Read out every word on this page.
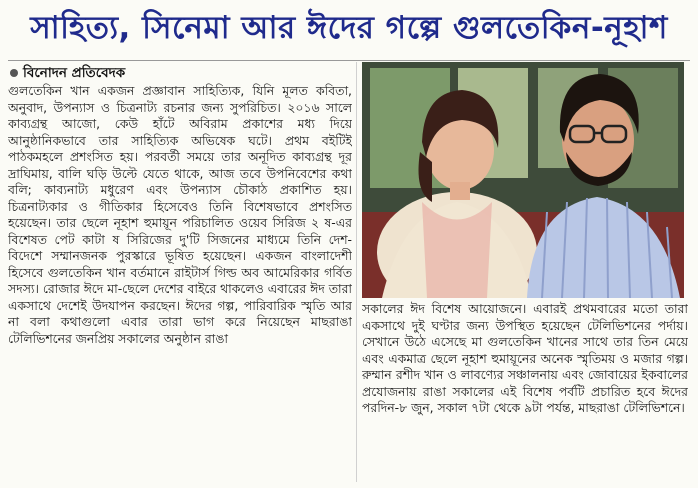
সাহিত্য, সিনেমা আর ঈদের গল্পে গুলতেকিন-নূহাশ
বিনোদন প্রতিবেদক

গুলতেকিন খান একজন প্রজ্ঞাবান সাহিত্যিক, যিনি মূলত কবিতা, অনুবাদ, উপন্যাস ও চিত্রনাট্য রচনার জন্য সুপরিচিত। ২০১৬ সালে কাব্যগ্রন্থ আজো, কেউ হাঁটে অবিরাম প্রকাশের মধ্য দিয়ে আনুষ্ঠানিকভাবে তার সাহিত্যিক অভিষেক ঘটে। প্রথম বইটিই পাঠকমহলে প্রশংসিত হয়। পরবর্তী সময়ে তার অনূদিত কাব্যগ্রন্থ দূর দ্রাঘিমায়, বালি ঘড়ি উল্টে যেতে থাকে, আজ তবে উপনিবেশের কথা বলি; কাব্যনাট্য মধুরেণ এবং উপন্যাস চৌকাঠ প্রকাশিত হয়। চিত্রনাট্যকার ও গীতিকার হিসেবেও তিনি বিশেষভাবে প্রশংসিত হয়েছেন। তার ছেলে নূহাশ হুমায়ূন পরিচালিত ওয়েব সিরিজ ২ ষ-এর বিশেষত পেট কাটা ষ সিরিজের দু'টি সিজনের মাধ্যমে তিনি দেশ-বিদেশে সম্মানজনক পুরস্কারে ভূষিত হয়েছেন। একজন বাংলাদেশী হিসেবে গুলতেকিন খান বর্তমানে রাইটার্স গিল্ড অব আমেরিকার গর্বিত সদস্য। রোজার ঈদে মা-ছেলে দেশের বাইরে থাকলেও এবারের ঈদ তারা একসাথে দেশেই উদযাপন করছেন। ঈদের গল্প, পারিবারিক স্মৃতি আর না বলা কথাগুলো এবার তারা ভাগ করে নিয়েছেন মাছরাঙা টেলিভিশনের জনপ্রিয় সকালের অনুষ্ঠান রাঙা

সকালের ঈদ বিশেষ আয়োজনে। এবারই প্রথমবারের মতো তারা একসাথে দুই ঘণ্টার জন্য উপস্থিত হয়েছেন টেলিভিশনের পর্দায়। সেখানে উঠে এসেছে মা গুলতেকিন খানের সাথে তার তিন মেয়ে এবং একমাত্র ছেলে নূহাশ হুমায়ূনের অনেক স্মৃতিময় ও মজার গল্প। রুম্মান রশীদ খান ও লাবণ্যের সঞ্চালনায় এবং জোবায়ের ইকবালের প্রযোজনায় রাঙা সকালের এই বিশেষ পর্বটি প্রচারিত হবে ঈদের পরদিন-৮ জুন, সকাল ৭টা থেকে ৯টা পর্যন্ত, মাছরাঙা টেলিভিশনে।
